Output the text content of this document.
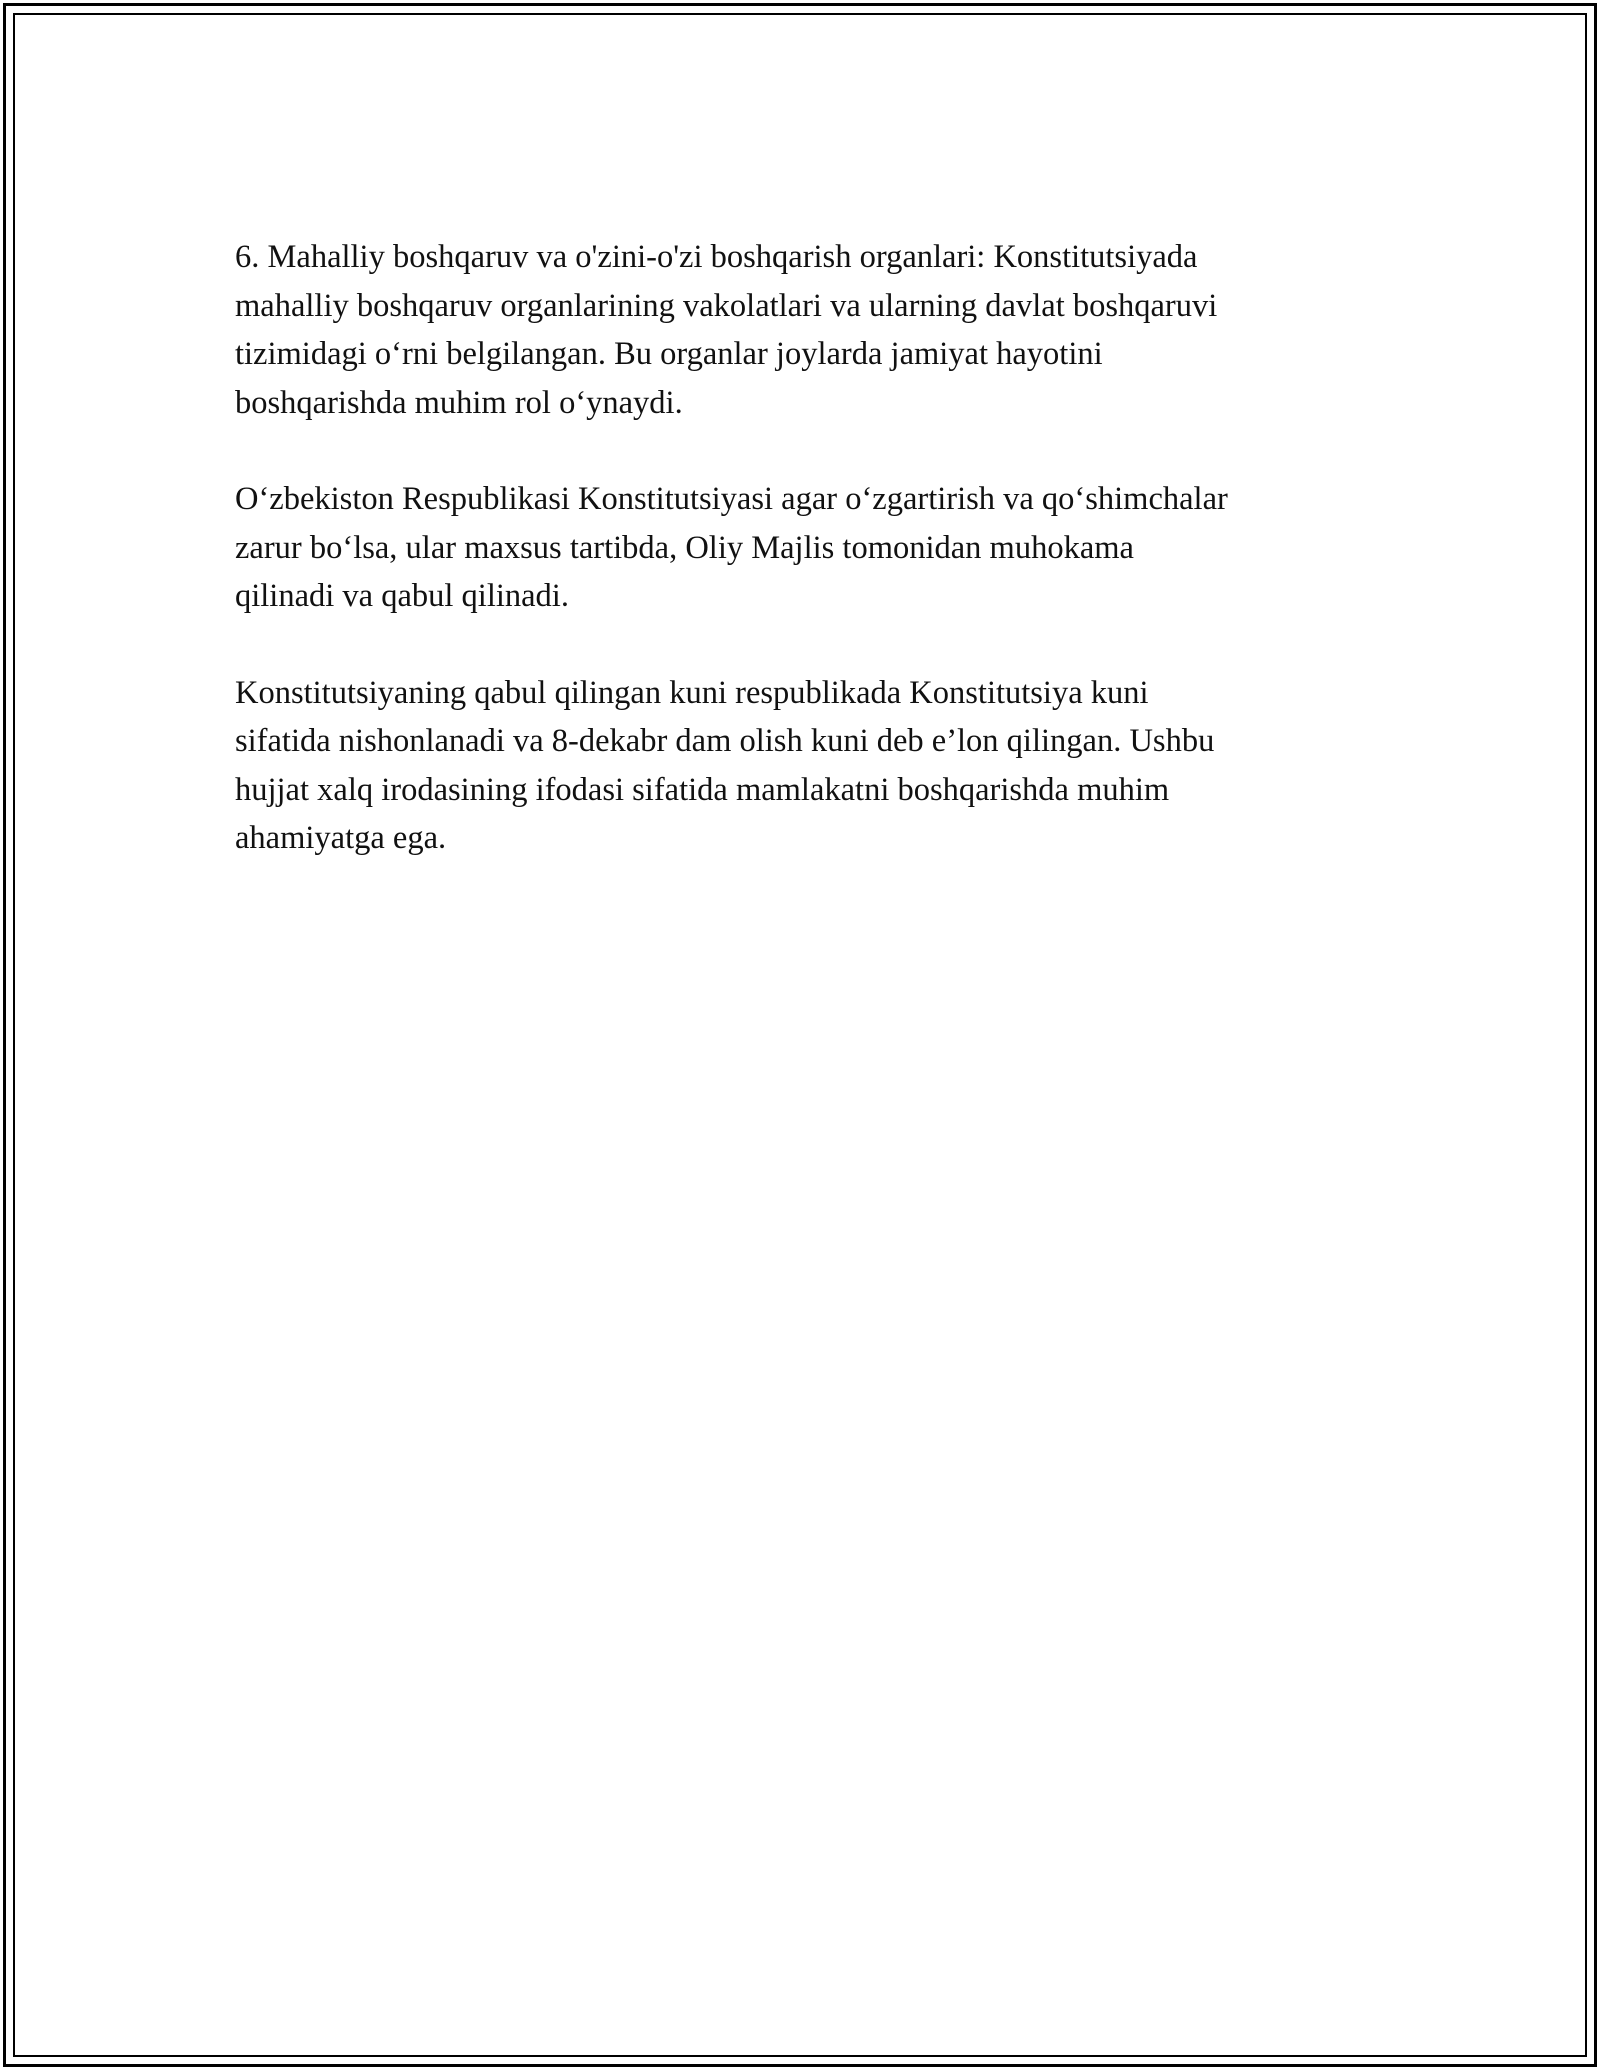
6. Mahalliy boshqaruv va o'zini-o'zi boshqarish organlari: Konstitutsiyada
mahalliy boshqaruv organlarining vakolatlari va ularning davlat boshqaruvi
tizimidagi oʻrni belgilangan. Bu organlar joylarda jamiyat hayotini
boshqarishda muhim rol oʻynaydi.

Oʻzbekiston Respublikasi Konstitutsiyasi agar oʻzgartirish va qoʻshimchalar
zarur boʻlsa, ular maxsus tartibda, Oliy Majlis tomonidan muhokama
qilinadi va qabul qilinadi.

Konstitutsiyaning qabul qilingan kuni respublikada Konstitutsiya kuni
sifatida nishonlanadi va 8-dekabr dam olish kuni deb e’lon qilingan. Ushbu
hujjat xalq irodasining ifodasi sifatida mamlakatni boshqarishda muhim
ahamiyatga ega.
